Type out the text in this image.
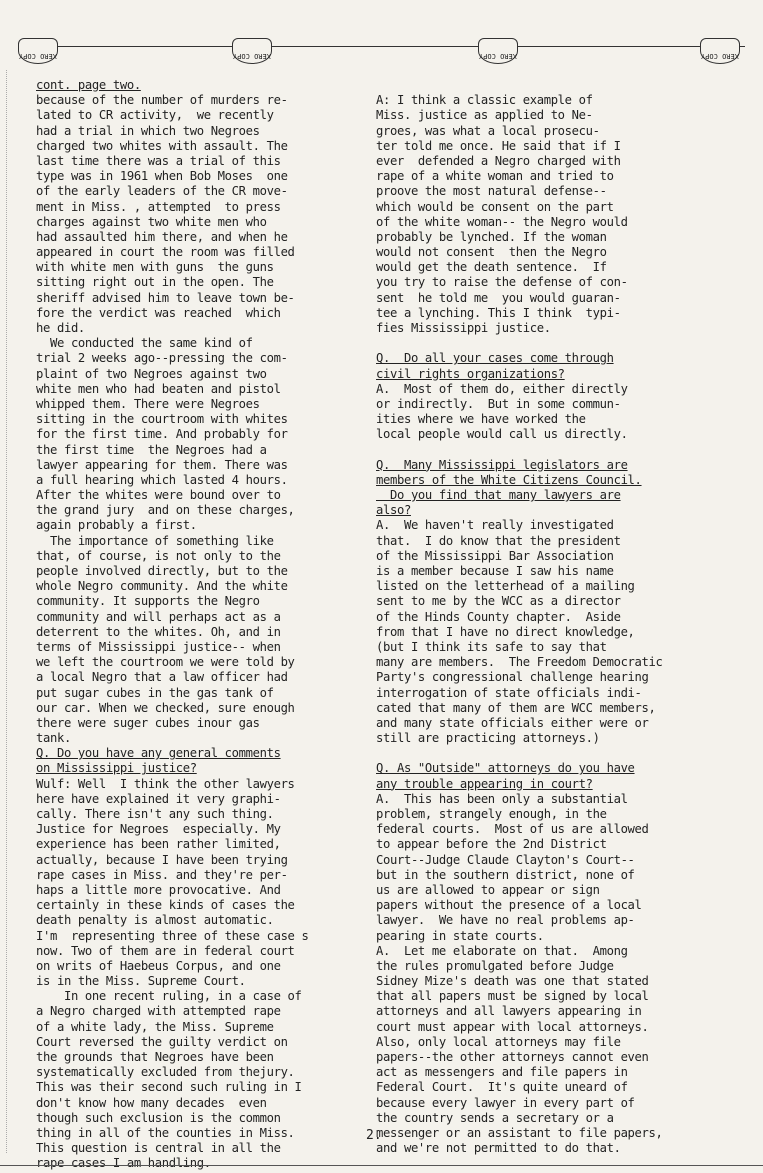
XERO COPY	XERO COPY	XERO COPY	XERO COPY
cont. page two.
because of the number of murders re-
lated to CR activity,  we recently
had a trial in which two Negroes
charged two whites with assault. The
last time there was a trial of this
type was in 1961 when Bob Moses  one
of the early leaders of the CR move-
ment in Miss. , attempted  to press
charges against two white men who
had assaulted him there, and when he
appeared in court the room was filled
with white men with guns  the guns
sitting right out in the open. The
sheriff advised him to leave town be-
fore the verdict was reached  which
he did.
We conducted the same kind of
trial 2 weeks ago--pressing the com-
plaint of two Negroes against two
white men who had beaten and pistol
whipped them. There were Negroes
sitting in the courtroom with whites
for the first time. And probably for
the first time  the Negroes had a
lawyer appearing for them. There was
a full hearing which lasted 4 hours.
After the whites were bound over to
the grand jury  and on these charges,
again probably a first.
The importance of something like
that, of course, is not only to the
people involved directly, but to the
whole Negro community. And the white
community. It supports the Negro
community and will perhaps act as a
deterrent to the whites. Oh, and in
terms of Mississippi justice-- when
we left the courtroom we were told by
a local Negro that a law officer had
put sugar cubes in the gas tank of
our car. When we checked, sure enough
there were suger cubes inour gas
tank.
Q. Do you have any general comments
on Mississippi justice?
Wulf: Well  I think the other lawyers
here have explained it very graphi-
cally. There isn't any such thing.
Justice for Negroes  especially. My
experience has been rather limited,
actually, because I have been trying
rape cases in Miss. and they're per-
haps a little more provocative. And
certainly in these kinds of cases the
death penalty is almost automatic.
I'm  representing three of these case s
now. Two of them are in federal court
on writs of Haebeus Corpus, and one
is in the Miss. Supreme Court.
In one recent ruling, in a case of
a Negro charged with attempted rape
of a white lady, the Miss. Supreme
Court reversed the guilty verdict on
the grounds that Negroes have been
systematically excluded from thejury.
This was their second such ruling in I
don't know how many decades  even
though such exclusion is the common
thing in all of the counties in Miss.
This question is central in all the
rape cases I am handling.
A: I think a classic example of
Miss. justice as applied to Ne-
groes, was what a local prosecu-
ter told me once. He said that if I
ever  defended a Negro charged with
rape of a white woman and tried to
proove the most natural defense--
which would be consent on the part
of the white woman-- the Negro would
probably be lynched. If the woman
would not consent  then the Negro
would get the death sentence.  If
you try to raise the defense of con-
sent  he told me  you would guaran-
tee a lynching. This I think  typi-
fies Mississippi justice.
Q.  Do all your cases come through
civil rights organizations?
A.  Most of them do, either directly
or indirectly.  But in some commun-
ities where we have worked the
local people would call us directly.
Q.  Many Mississippi legislators are
members of the White Citizens Council.
Do you find that many lawyers are
also?
A.  We haven't really investigated
that.  I do know that the president
of the Mississippi Bar Association
is a member because I saw his name
listed on the letterhead of a mailing
sent to me by the WCC as a director
of the Hinds County chapter.  Aside
from that I have no direct knowledge,
(but I think its safe to say that
many are members.  The Freedom Democratic
Party's congressional challenge hearing
interrogation of state officials indi-
cated that many of them are WCC members,
and many state officials either were or
still are practicing attorneys.)
Q. As "Outside" attorneys do you have
any trouble appearing in court?
A.  This has been only a substantial
problem, strangely enough, in the
federal courts.  Most of us are allowed
to appear before the 2nd District
Court--Judge Claude Clayton's Court--
but in the southern district, none of
us are allowed to appear or sign
papers without the presence of a local
lawyer.  We have no real problems ap-
pearing in state courts.
A.  Let me elaborate on that.  Among
the rules promulgated before Judge
Sidney Mize's death was one that stated
that all papers must be signed by local
attorneys and all lawyers appearing in
court must appear with local attorneys.
Also, only local attorneys may file
papers--the other attorneys cannot even
act as messengers and file papers in
Federal Court.  It's quite uneard of
because every lawyer in every part of
the country sends a secretary or a
messenger or an assistant to file papers,
and we're not permitted to do that.
2.
